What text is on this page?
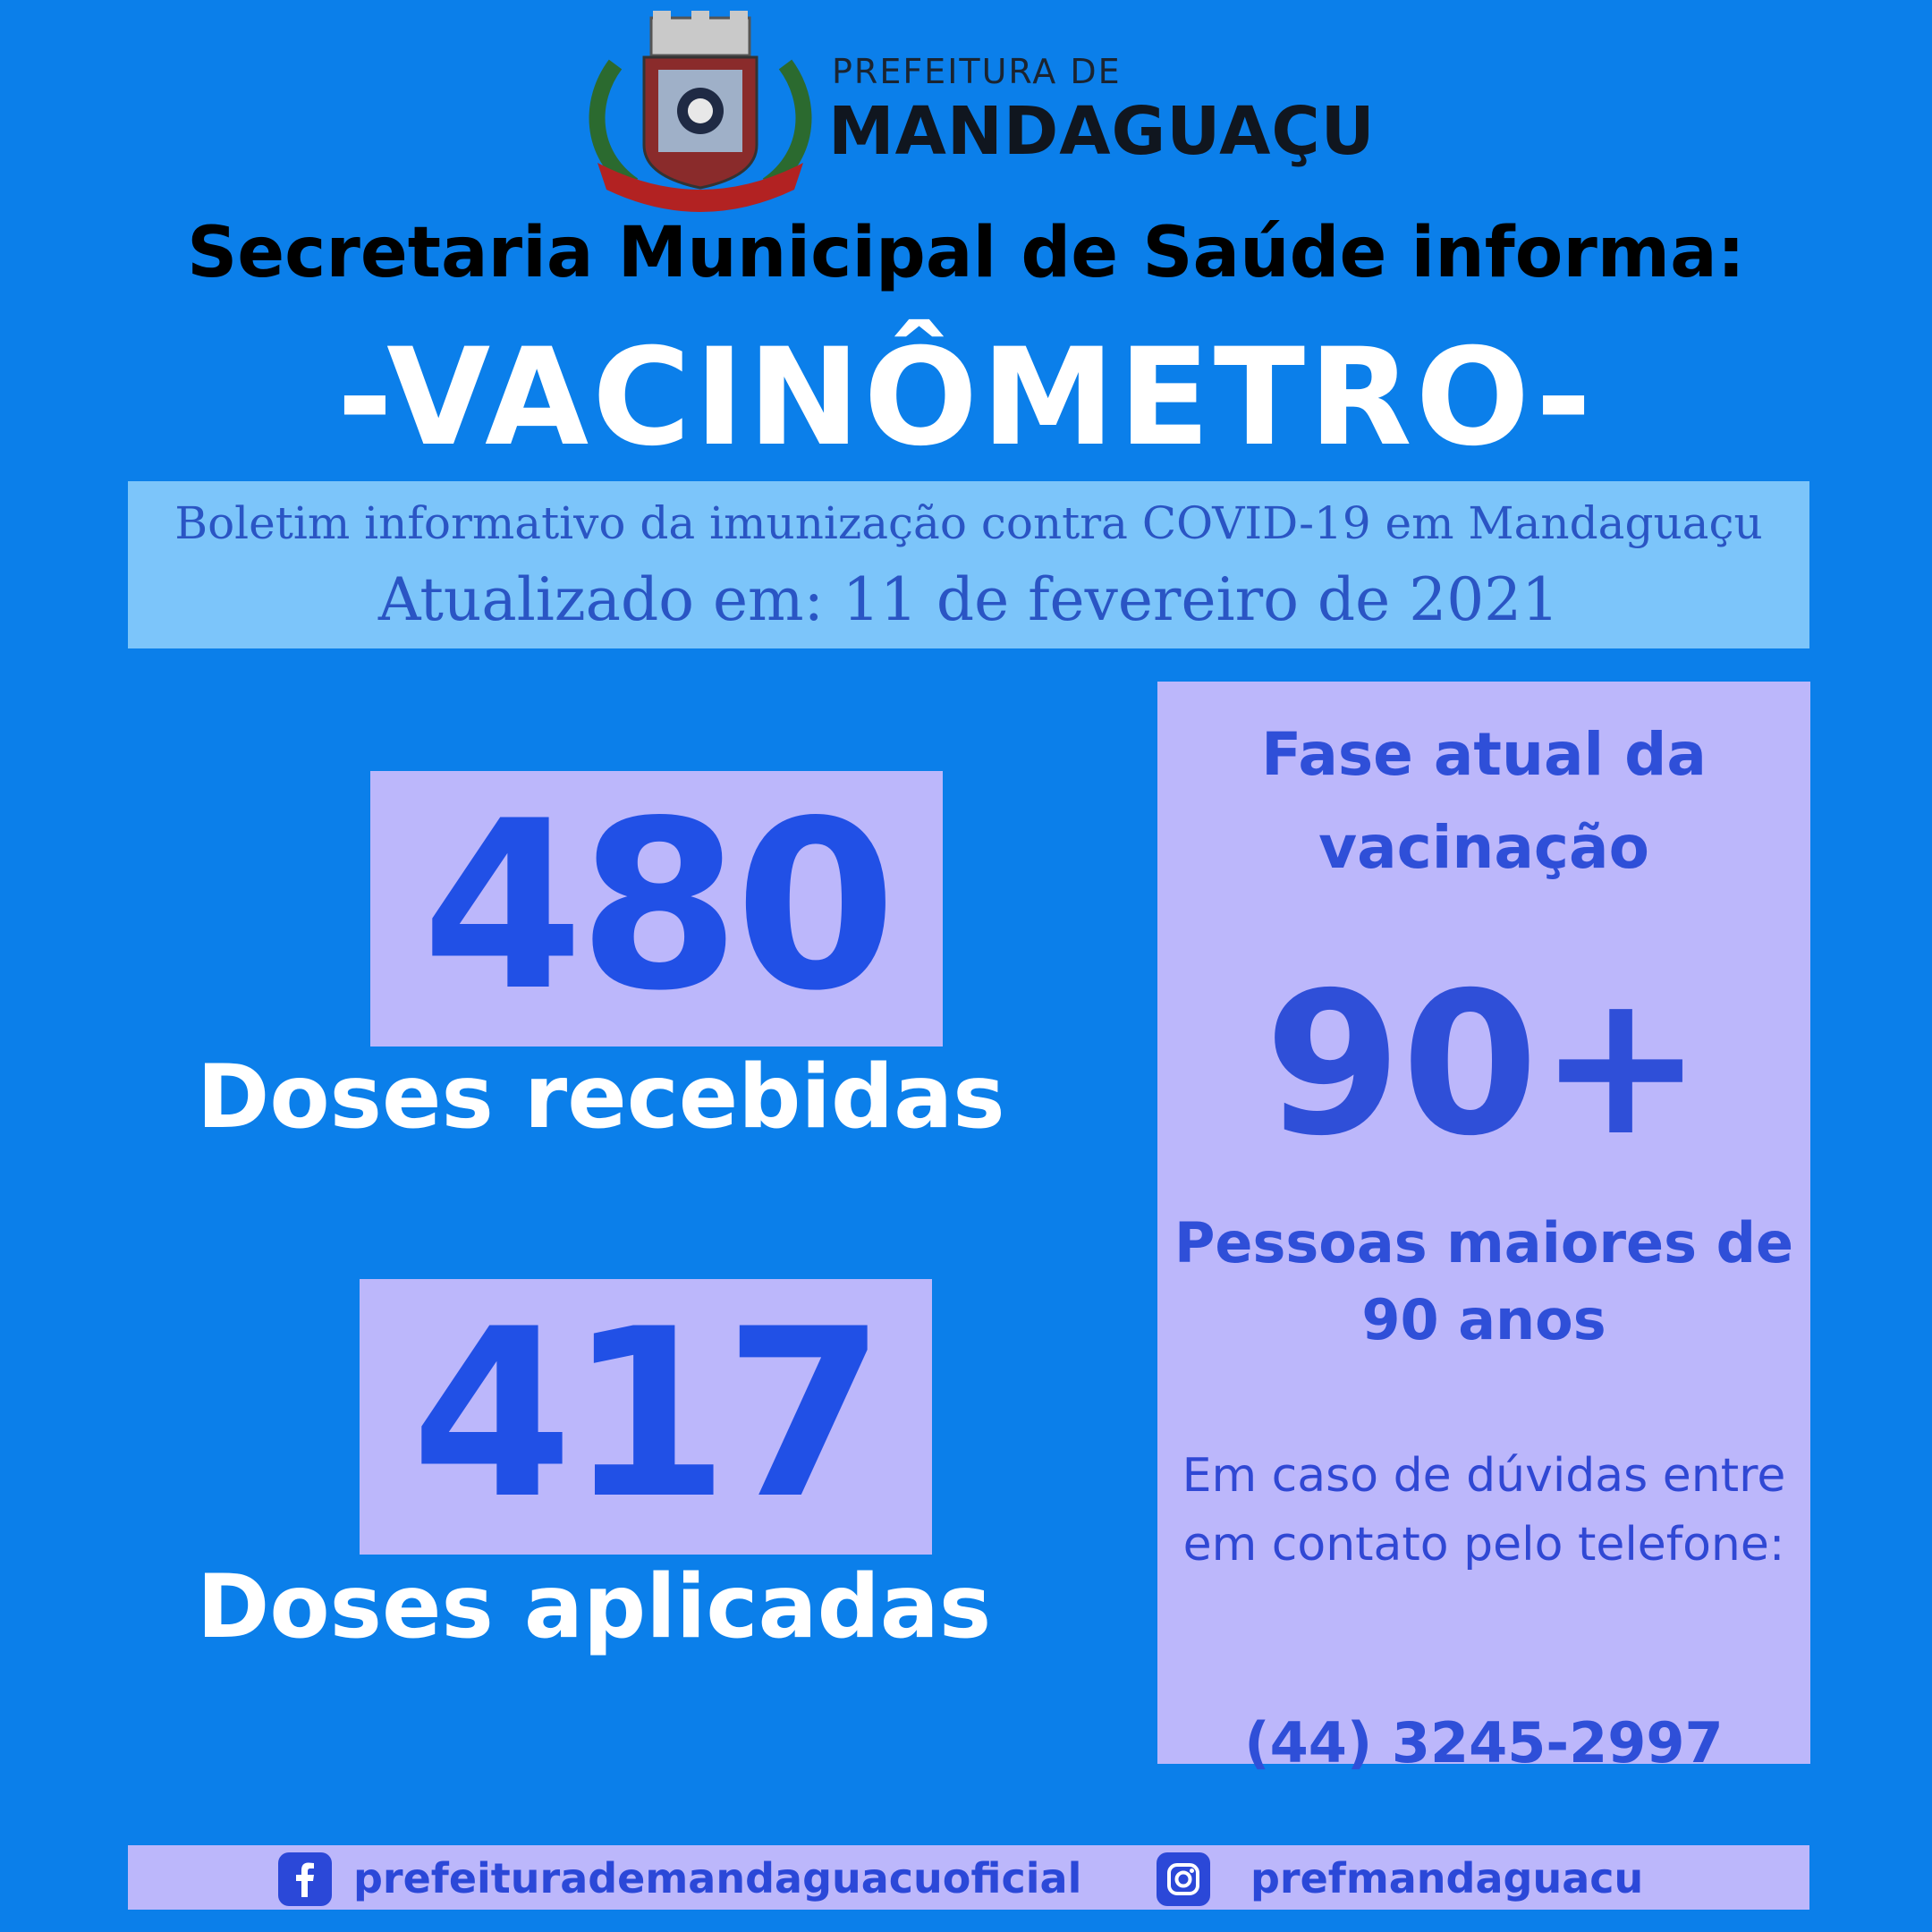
PREFEITURA DE
MANDAGUAÇU
Secretaria Municipal de Saúde informa:
-VACINÔMETRO-
Boletim informativo da imunização contra COVID-19 em Mandaguaçu
Atualizado em: 11 de fevereiro de 2021
480
Doses recebidas
417
Doses aplicadas
Fase atual da vacinação
90+
Pessoas maiores de 90 anos
Em caso de dúvidas entre em contato pelo telefone:
(44) 3245-2997
prefeiturademandaguacuoficial	prefmandaguacu
